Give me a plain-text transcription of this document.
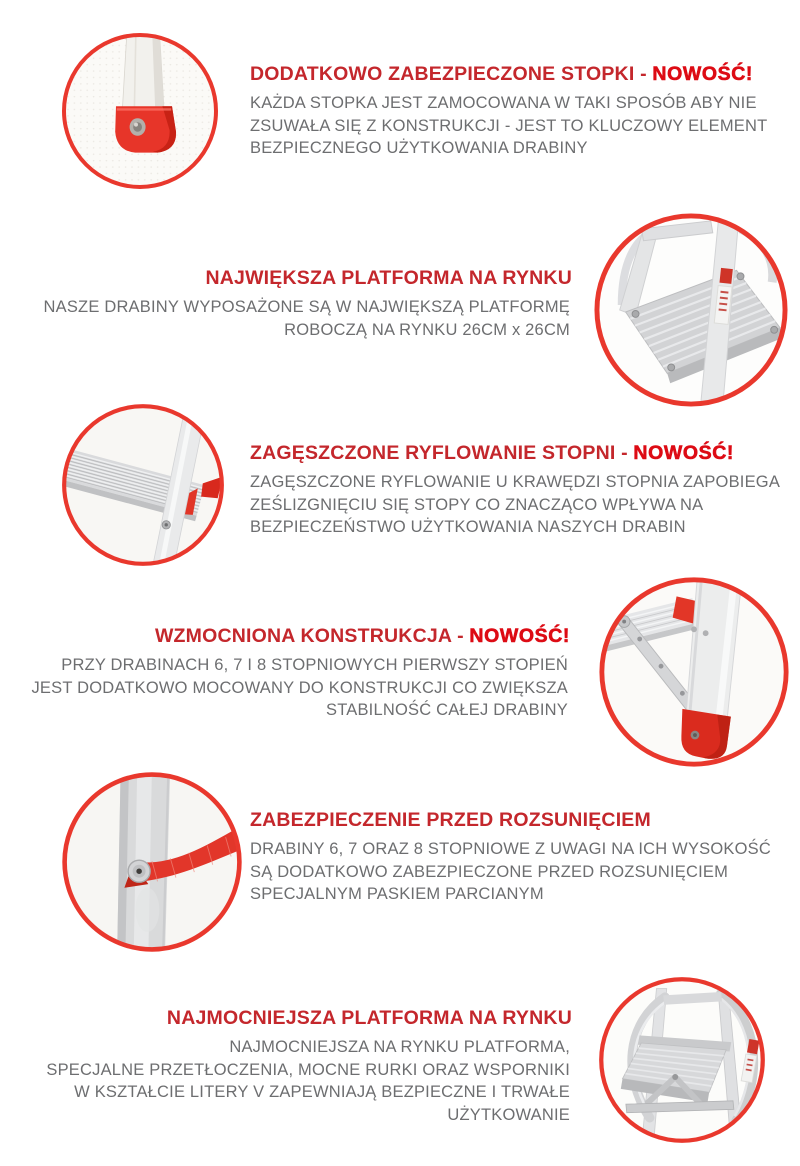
DODATKOWO ZABEZPIECZONE STOPKI - NOWOŚĆ!
KAŻDA STOPKA JEST ZAMOCOWANA W TAKI SPOSÓB ABY NIE
ZSUWAŁA SIĘ Z KONSTRUKCJI - JEST TO KLUCZOWY ELEMENT
BEZPIECZNEGO UŻYTKOWANIA DRABINY
NAJWIĘKSZA PLATFORMA NA RYNKU
NASZE DRABINY WYPOSAŻONE SĄ W NAJWIĘKSZĄ PLATFORMĘ
ROBOCZĄ NA RYNKU 26CM x 26CM
ZAGĘSZCZONE RYFLOWANIE STOPNI - NOWOŚĆ!
ZAGĘSZCZONE RYFLOWANIE U KRAWĘDZI STOPNIA ZAPOBIEGA
ZEŚLIZGNIĘCIU SIĘ STOPY CO ZNACZĄCO WPŁYWA NA
BEZPIECZEŃSTWO UŻYTKOWANIA NASZYCH DRABIN
WZMOCNIONA KONSTRUKCJA - NOWOŚĆ!
PRZY DRABINACH 6, 7 I 8 STOPNIOWYCH PIERWSZY STOPIEŃ
JEST DODATKOWO MOCOWANY DO KONSTRUKCJI CO ZWIĘKSZA
STABILNOŚĆ CAŁEJ DRABINY
ZABEZPIECZENIE PRZED ROZSUNIĘCIEM
DRABINY 6, 7 ORAZ 8 STOPNIOWE Z UWAGI NA ICH WYSOKOŚĆ
SĄ DODATKOWO ZABEZPIECZONE PRZED ROZSUNIĘCIEM
SPECJALNYM PASKIEM PARCIANYM
NAJMOCNIEJSZA PLATFORMA NA RYNKU
NAJMOCNIEJSZA NA RYNKU PLATFORMA,
SPECJALNE PRZETŁOCZENIA, MOCNE RURKI ORAZ WSPORNIKI
W KSZTAŁCIE LITERY V ZAPEWNIAJĄ BEZPIECZNE I TRWAŁE
UŻYTKOWANIE
